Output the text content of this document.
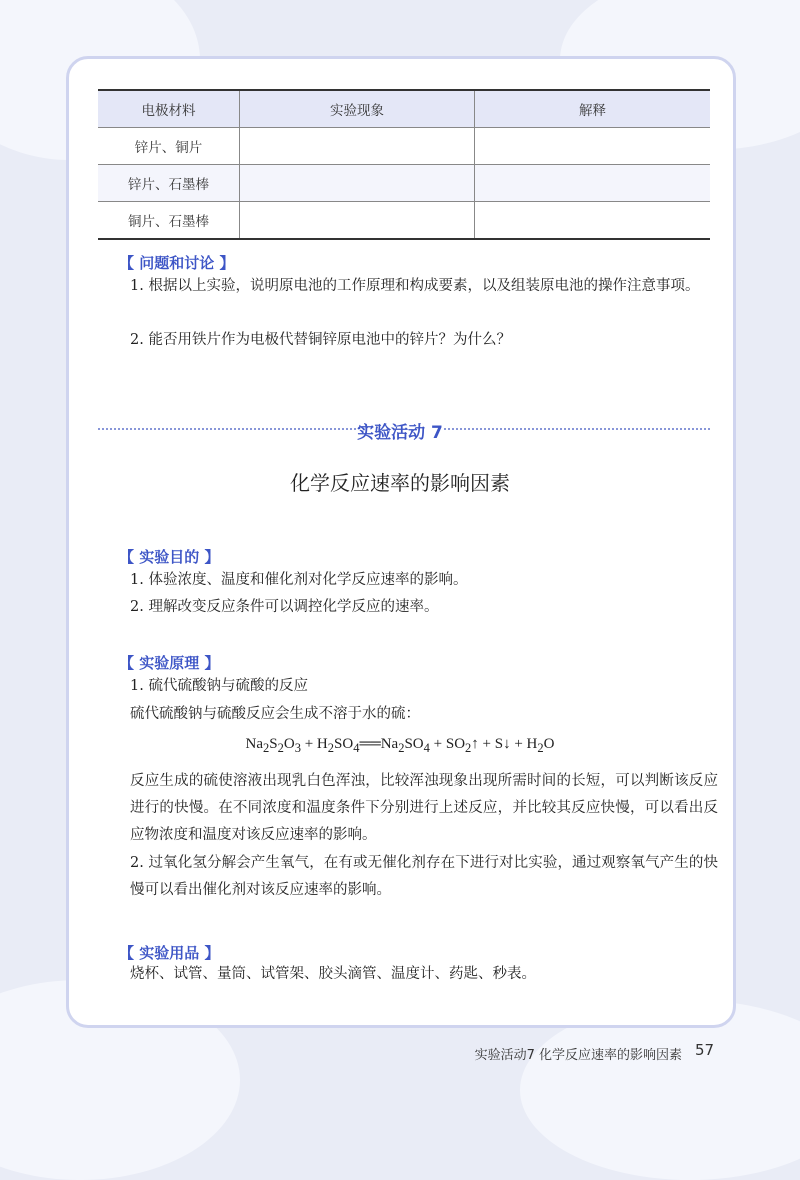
电极材料	实验现象	解释
锌片、铜片		
锌片、石墨棒		
铜片、石墨棒		
【 问题和讨论 】
1. 根据以上实验，说明原电池的工作原理和构成要素，以及组装原电池的操作注意事项。
2. 能否用铁片作为电极代替铜锌原电池中的锌片？为什么？
实验活动 7
化学反应速率的影响因素
【 实验目的 】
1. 体验浓度、温度和催化剂对化学反应速率的影响。
2. 理解改变反应条件可以调控化学反应的速率。
【 实验原理 】
1. 硫代硫酸钠与硫酸的反应
硫代硫酸钠与硫酸反应会生成不溶于水的硫：
$Na_2S_2O_3$ + $H_2SO_4══Na_2SO_4$ + $SO_2↑$ + S↓ + $H_2O$
反应生成的硫使溶液出现乳白色浑浊，比较浑浊现象出现所需时间的长短，可以判断该反应进行的快慢。在不同浓度和温度条件下分别进行上述反应，并比较其反应快慢，可以看出反应物浓度和温度对该反应速率的影响。
2. 过氧化氢分解会产生氧气，在有或无催化剂存在下进行对比实验，通过观察氧气产生的快慢可以看出催化剂对该反应速率的影响。
【 实验用品 】
烧杯、试管、量筒、试管架、胶头滴管、温度计、药匙、秒表。
实验活动7 化学反应速率的影响因素 57
